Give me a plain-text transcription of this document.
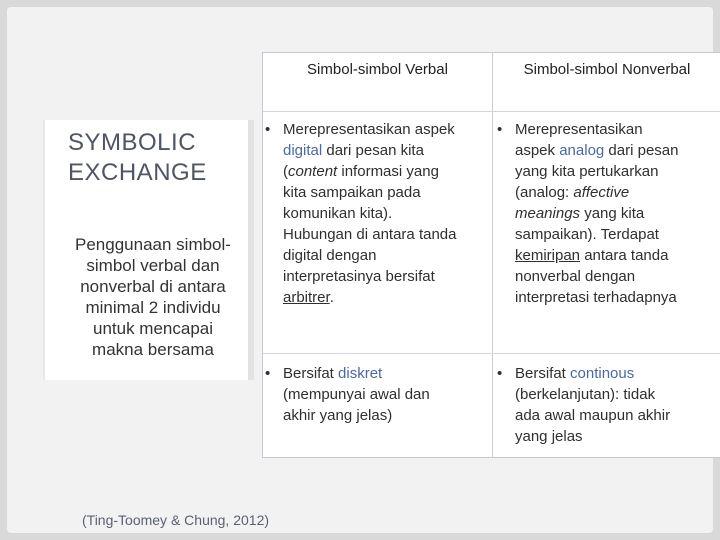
SYMBOLIC
EXCHANGE
Penggunaan simbol-
simbol verbal dan
nonverbal di antara
minimal 2 individu
untuk mencapai
makna bersama
Simbol-simbol Verbal	Simbol-simbol Nonverbal
• Merepresentasikan aspek
digital dari pesan kita
(content informasi yang
kita sampaikan pada
komunikan kita).
Hubungan di antara tanda
digital dengan
interpretasinya bersifat
arbitrer.
• Merepresentasikan
aspek analog dari pesan
yang kita pertukarkan
(analog: affective
meanings yang kita
sampaikan). Terdapat
kemiripan antara tanda
nonverbal dengan
interpretasi terhadapnya
• Bersifat diskret
(mempunyai awal dan
akhir yang jelas)
• Bersifat continous
(berkelanjutan): tidak
ada awal maupun akhir
yang jelas
(Ting-Toomey & Chung, 2012)
